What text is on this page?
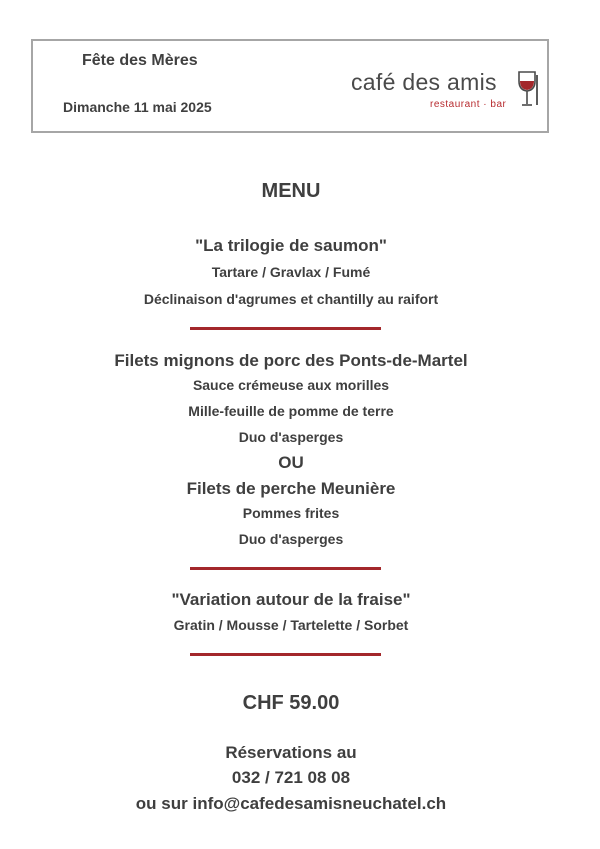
Fête des Mères
Dimanche 11 mai 2025
café des amis
restaurant · bar
MENU
"La trilogie de saumon"
Tartare / Gravlax / Fumé
Déclinaison d'agrumes et chantilly au raifort
Filets mignons de porc des Ponts-de-Martel
Sauce crémeuse aux morilles
Mille-feuille de pomme de terre
Duo d'asperges
OU
Filets de perche Meunière
Pommes frites
Duo d'asperges
"Variation autour de la fraise"
Gratin / Mousse / Tartelette / Sorbet
CHF 59.00
Réservations au
032 / 721 08 08
ou sur info@cafedesamisneuchatel.ch
